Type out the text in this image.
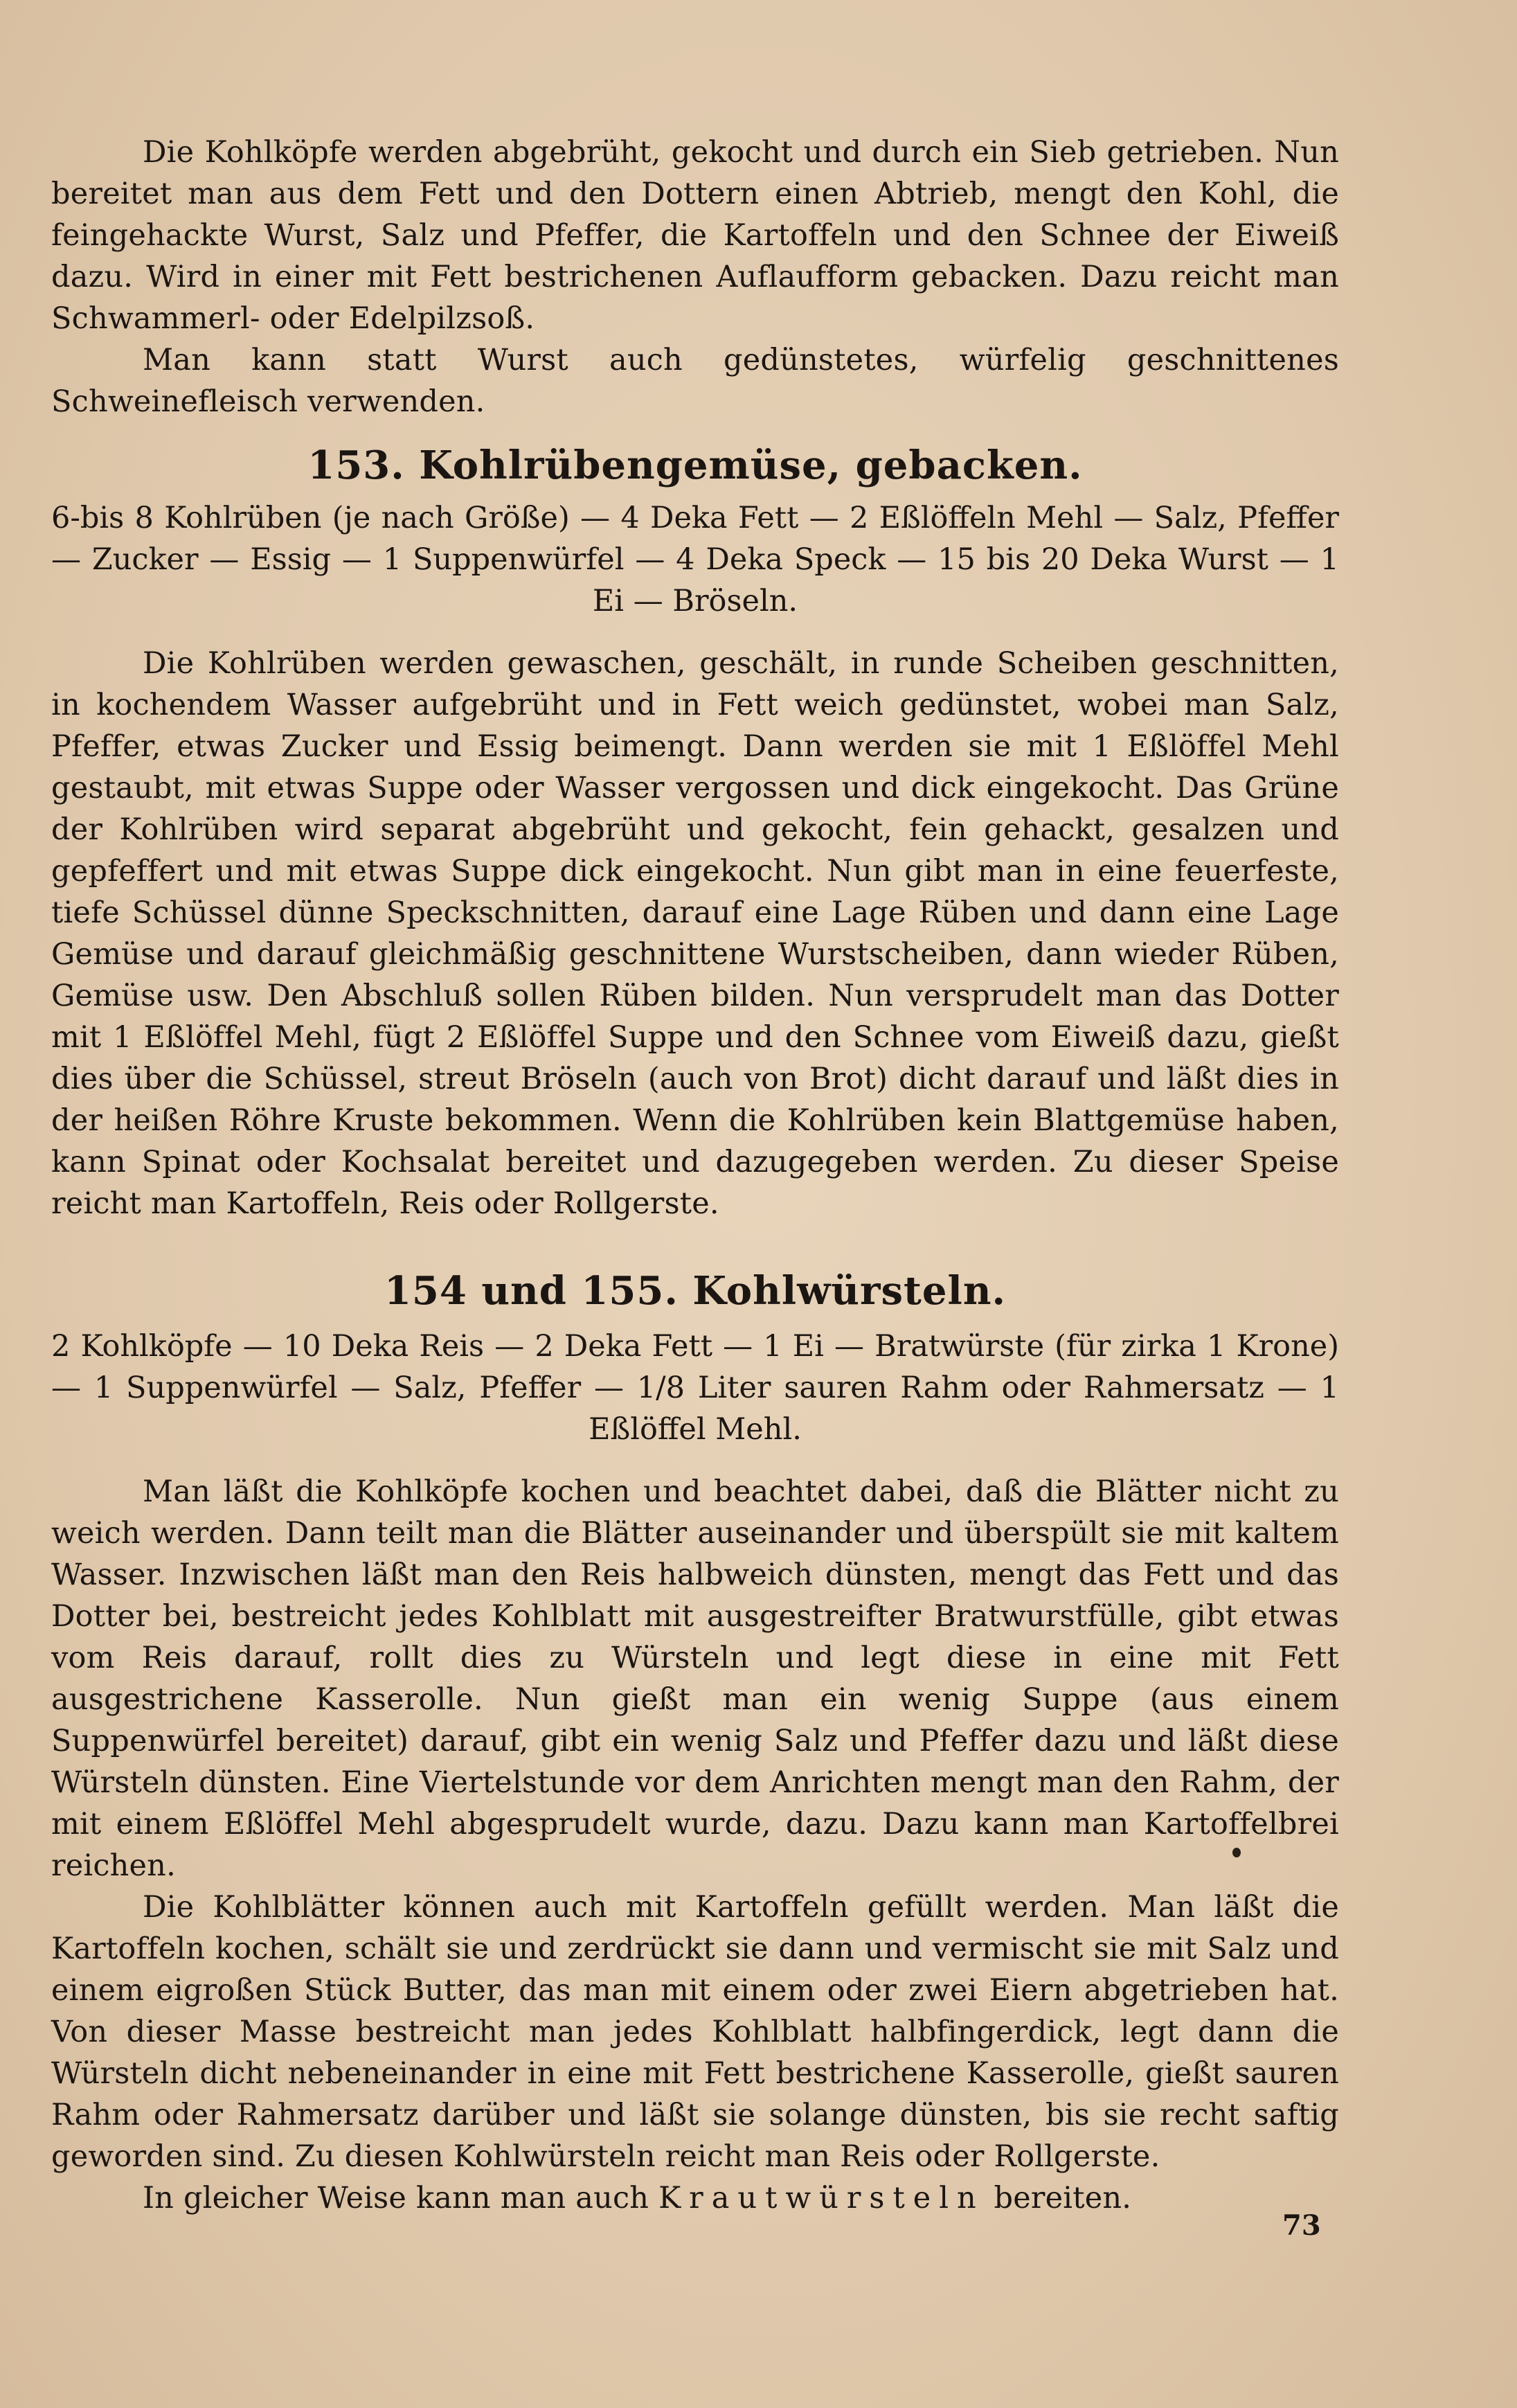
Die Kohlköpfe werden abgebrüht, gekocht und durch ein Sieb getrieben. Nun bereitet man aus dem Fett und den Dottern einen Abtrieb, mengt den Kohl, die feingehackte Wurst, Salz und Pfeffer, die Kartoffeln und den Schnee der Eiweiß dazu. Wird in einer mit Fett bestrichenen Auflaufform gebacken. Dazu reicht man Schwammerl- oder Edelpilzsoß.

Man kann statt Wurst auch gedünstetes, würfelig geschnittenes Schweinefleisch verwenden.

153. Kohlrübengemüse, gebacken.
6-bis 8 Kohlrüben (je nach Größe) — 4 Deka Fett — 2 Eßlöffeln Mehl — Salz, Pfeffer — Zucker — Essig — 1 Suppenwürfel — 4 Deka Speck — 15 bis 20 Deka Wurst — 1 Ei — Bröseln.

Die Kohlrüben werden gewaschen, geschält, in runde Scheiben geschnitten, in kochendem Wasser aufgebrüht und in Fett weich gedünstet, wobei man Salz, Pfeffer, etwas Zucker und Essig beimengt. Dann werden sie mit 1 Eßlöffel Mehl gestaubt, mit etwas Suppe oder Wasser vergossen und dick eingekocht. Das Grüne der Kohlrüben wird separat abgebrüht und gekocht, fein gehackt, gesalzen und gepfeffert und mit etwas Suppe dick eingekocht. Nun gibt man in eine feuerfeste, tiefe Schüssel dünne Speckschnitten, darauf eine Lage Rüben und dann eine Lage Gemüse und darauf gleichmäßig geschnittene Wurstscheiben, dann wieder Rüben, Gemüse usw. Den Abschluß sollen Rüben bilden. Nun versprudelt man das Dotter mit 1 Eßlöffel Mehl, fügt 2 Eßlöffel Suppe und den Schnee vom Eiweiß dazu, gießt dies über die Schüssel, streut Bröseln (auch von Brot) dicht darauf und läßt dies in der heißen Röhre Kruste bekommen. Wenn die Kohlrüben kein Blattgemüse haben, kann Spinat oder Kochsalat bereitet und dazugegeben werden. Zu dieser Speise reicht man Kartoffeln, Reis oder Rollgerste.

154 und 155. Kohlwürsteln.
2 Kohlköpfe — 10 Deka Reis — 2 Deka Fett — 1 Ei — Bratwürste (für zirka 1 Krone) — 1 Suppenwürfel — Salz, Pfeffer — 1/8 Liter sauren Rahm oder Rahmersatz — 1 Eßlöffel Mehl.

Man läßt die Kohlköpfe kochen und beachtet dabei, daß die Blätter nicht zu weich werden. Dann teilt man die Blätter auseinander und überspült sie mit kaltem Wasser. Inzwischen läßt man den Reis halbweich dünsten, mengt das Fett und das Dotter bei, bestreicht jedes Kohlblatt mit ausgestreifter Bratwurstfülle, gibt etwas vom Reis darauf, rollt dies zu Würsteln und legt diese in eine mit Fett ausgestrichene Kasserolle. Nun gießt man ein wenig Suppe (aus einem Suppenwürfel bereitet) darauf, gibt ein wenig Salz und Pfeffer dazu und läßt diese Würsteln dünsten. Eine Viertelstunde vor dem Anrichten mengt man den Rahm, der mit einem Eßlöffel Mehl abgesprudelt wurde, dazu. Dazu kann man Kartoffelbrei reichen.

Die Kohlblätter können auch mit Kartoffeln gefüllt werden. Man läßt die Kartoffeln kochen, schält sie und zerdrückt sie dann und vermischt sie mit Salz und einem eigroßen Stück Butter, das man mit einem oder zwei Eiern abgetrieben hat. Von dieser Masse bestreicht man jedes Kohlblatt halbfingerdick, legt dann die Würsteln dicht nebeneinander in eine mit Fett bestrichene Kasserolle, gießt sauren Rahm oder Rahmersatz darüber und läßt sie solange dünsten, bis sie recht saftig geworden sind. Zu diesen Kohlwürsteln reicht man Reis oder Rollgerste.

In gleicher Weise kann man auch Krautwürsteln bereiten.

73
